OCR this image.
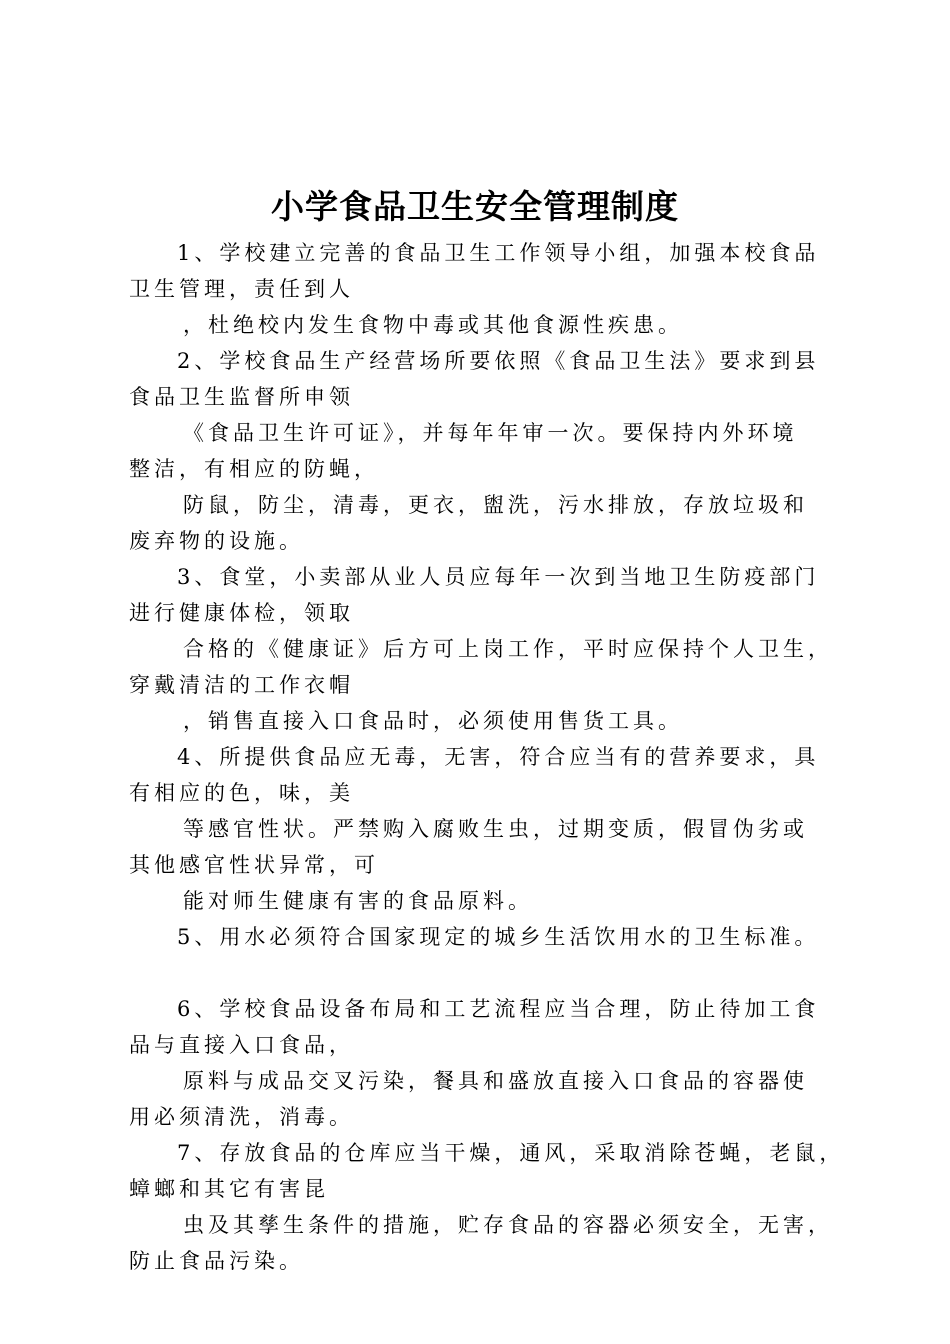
小学食品卫生安全管理制度
1、学校建立完善的食品卫生工作领导小组，加强本校食品
卫生管理，责任到人
，杜绝校内发生食物中毒或其他食源性疾患。
2、学校食品生产经营场所要依照《食品卫生法》要求到县
食品卫生监督所申领
《食品卫生许可证》，并每年年审一次。要保持内外环境
整洁，有相应的防蝇，
防鼠，防尘，清毒，更衣，盥洗，污水排放，存放垃圾和
废弃物的设施。
3、食堂，小卖部从业人员应每年一次到当地卫生防疫部门
进行健康体检，领取
合格的《健康证》后方可上岗工作，平时应保持个人卫生，
穿戴清洁的工作衣帽
，销售直接入口食品时，必须使用售货工具。
4、所提供食品应无毒，无害，符合应当有的营养要求，具
有相应的色，味，美
等感官性状。严禁购入腐败生虫，过期变质，假冒伪劣或
其他感官性状异常，可
能对师生健康有害的食品原料。
5、用水必须符合国家现定的城乡生活饮用水的卫生标准。
6、学校食品设备布局和工艺流程应当合理，防止待加工食
品与直接入口食品，
原料与成品交叉污染，餐具和盛放直接入口食品的容器使
用必须清洗，消毒。
7、存放食品的仓库应当干燥，通风，采取消除苍蝇，老鼠，
蟑螂和其它有害昆
虫及其孳生条件的措施，贮存食品的容器必须安全，无害，
防止食品污染。
